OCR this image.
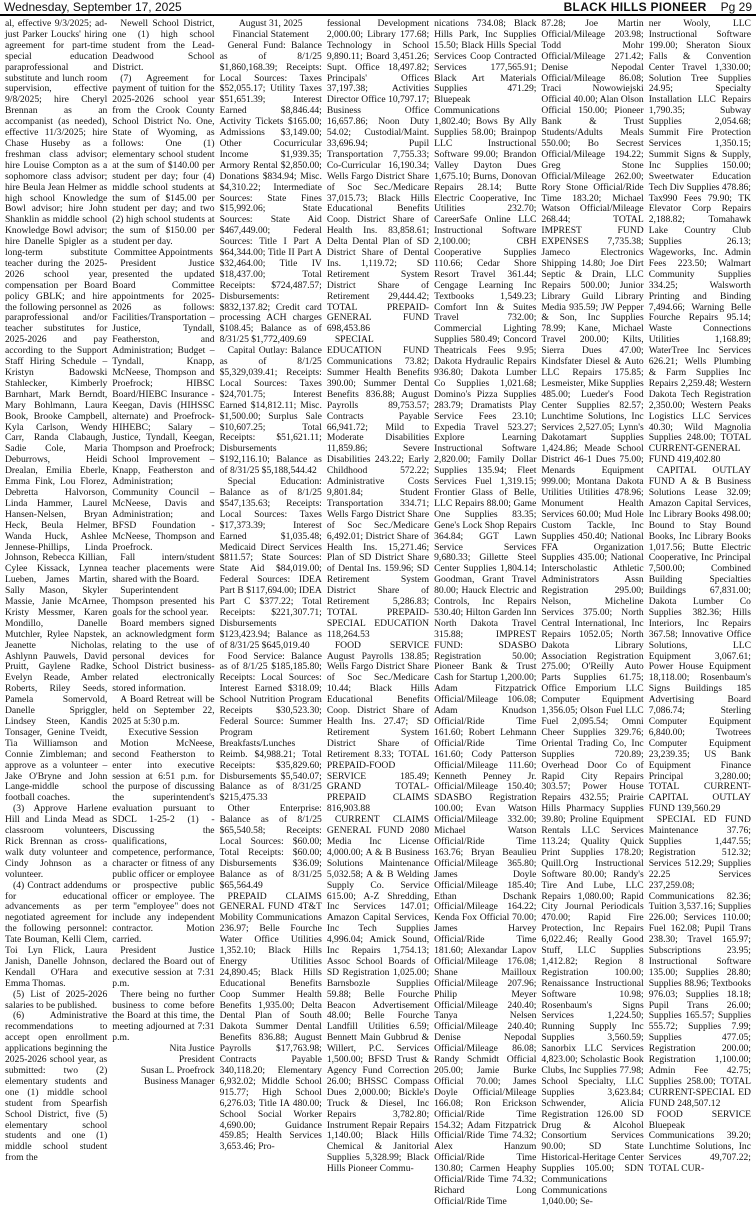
Wednesday, September 17, 2025	BLACK HILLS PIONEER Pg 29

al, effective 9/3/2025; ad-just Parker Loucks' hiring agreement for part-time special education paraprofessional and substitute and lunch room supervision, effective 9/8/2025; hire Cheryl Brennan as an accompanist (as needed), effective 11/3/2025; hire Chase Huseby as a freshman class advisor; hire Louise Compton as a sophomore class advisor; hire Beula Jean Helmer as high school Knowledge Bowl advisor; hire John Shanklin as middle school Knowledge Bowl advisor; hire Danelle Spigler as a long-term substitute teacher during the 2025-2026 school year, compensation per Board policy GBLK; and hire the following personnel as paraprofessional and/or teacher substitutes for 2025-2026 and pay according to the Support Staff Hiring Schedule – Kristyn Badowski Stahlecker, Kimberly Barnhart, Mark Berndt, Mary Bohlmann, Laura Book, Brooke Campbell, Kyla Carlson, Wendy Carr, Randa Clabaugh, Sadie Cole, Maria Deburrows, Heidi Drealan, Emilia Eberle, Emma Fink, Lou Florez, Debretta Halvorson, Linda Hammer, Laurel Hansen-Nelsen, Bryan Heck, Beula Helmer, Wanda Huck, Ashlee Jennese-Phillips, Linda Johnson, Rebecca Killian, Cylee Kissack, Lynnea Lueben, James Martin, Sally Mason, Skyler Massie, Janie McArnee, Kristy Messmer, Karen Mondillo, Danelle Mutchler, Rylee Napstek, Jeanette Nicholas, Ashlynn Pauwels, David Pruitt, Gaylene Radke, Evelyn Reade, Amber Roberts, Riley Seeds, Pamela Somervold, Danelle Spriggler, Lindsey Steen, Kandis Tonsager, Genine Tveidt, Tia Williamson and Connie Zimbleman; and approve as a volunteer – Jake O'Bryne and John Lange-middle school football coaches.

(3) Approve Harlene Hill and Linda Mead as classroom volunteers, Rick Brennan as cross-walk duty volunteer and Cindy Johnson as a volunteer.

(4) Contract addendums for educational advancements as per negotiated agreement for the following personnel: Tate Bouman, Kelli Clem, Toi Lyn Flick, Laura Janish, Danelle Johnson, Kendall O'Hara and Emma Thomas.

(5) List of 2025-2026 salaries to be published.

(6) Administrative recommendations to accept open enrollment applications beginning the 2025-2026 school year, as submitted: two (2) elementary students and one (1) middle school student from Spearfish School District, five (5) elementary school students and one (1) middle school student from the

Newell School District, one (1) high school student from the Lead-Deadwood School District.

(7) Agreement for payment of tuition for the 2025-2026 school year from the Crook County School District No. One, State of Wyoming, as follows: One (1) elementary school student at the sum of $140.00 per student per day; four (4) middle school students at the sum of $145.00 per student per day; and two (2) high school students at the sum of $150.00 per student per day.

Committee Appointments

President Justice presented the updated Board Committee appointments for 2025-2026 as follows: Facilities/Transportation – Justice, Tyndall, Featherston, and Administration; Budget – Tyndall, Knapp, McNeese, Thompson and Proefrock; HIBSC Board/HIEBC Insurance - Keegan, Davis (HIHSSC alternate) and Proefrock-HIHEBC; Salary – Justice, Tyndall, Keegan, Thompson and Proefrock; School Improvement – Knapp, Featherston and Administration; Community Council – McNeese, Davis and Administration; and BFSD Foundation - McNeese, Thompson and Proefrock.

Fall intern/student teacher placements were shared with the Board.

Superintendent Thompson presented his goals for the school year.

Board members signed an acknowledgment form relating to the use of personal devices for School District business-related electronically stored information.

A Board Retreat will be held on September 22, 2025 at 5:30 p.m.

Executive Session

Motion McNeese, second Featherston to enter into executive session at 6:51 p.m. for the purpose of discussing the superintendent's evaluation pursuant to SDCL 1-25-2 (1) - Discussing the qualifications, competence, performance, character or fitness of any public officer or employee or prospective public officer or employee. The term "employee" does not include any independent contractor. Motion carried.

President Justice declared the Board out of executive session at 7:31 p.m.

There being no further business to come before the Board at this time, the meeting adjourned at 7:31 p.m.

Nita Justice

President

Susan L. Proefrock

Business Manager

August 31, 2025

Financial Statement

General Fund: Balance as of 8/1/25 $1,860,168.39; Receipts: Local Sources: Taxes $52,055.17; Utility Taxes $51,651.39; Interest Earned $8,846.44; Activity Tickets $165.00; Admissions $3,149.00; Other Cocurricular Income $1,939.35; Armory Rental $2,850.00; Donations $834.94; Misc. $4,310.22; Intermediate Sources: State Fines $15,992.06; State Sources: State Aid $467,449.00; Federal Sources: Title I Part A $64,344.00; Title II Part A $32,464.00; Title IV $18,437.00; Total Receipts: $724,487.57; Disbursements: $832,137.82; Credit card processing ACH charges $108.45; Balance as of 8/31/25 $1,772,409.69

Capital Outlay: Balance as of 8/1/25 $5,329,039.41; Receipts: Local Sources: Taxes $24,701.75; Interest Earned $14,812.11; Misc. $1,500.00; Surplus Sale $10,607.25; Total Receipts: $51,621.11; Disbursements $192,116.10; Balance as of 8/31/25 $5,188,544.42

Special Education: Balance as of 8/1/25 $547,135.63; Receipts: Local Sources: Taxes $17,373.39; Interest Earned $1,035.48; Medicaid Direct Services $811.57; State Sources: State Aid $84,019.00; Federal Sources: IDEA Part B $117,694.00; IDEA Part C $377.22; Total Receipts: $221,307.71; Disbursements $123,423.94; Balance as of 8/31/25 $645,019.40

Food Service: Balance as of 8/1/25 $185,185.80; Receipts: Local Sources: Interest Earned $318.09; School Nutrition Program Receipts $30,523.30; Federal Source: Summer Program Breakfasts/Lunches Reimb. $4,988.21; Total Receipts: $35,829.60; Disbursements $5,540.07; Balance as of 8/31/25 $215,475.33

Other Enterprise: Balance as of 8/1/25 $65,540.58; Receipts: Local Sources: $60.00; Total Receipts: $60.00; Disbursements $36.09; Balance as of 8/31/25 $65,564.49

PREPAID CLAIMS GENERAL FUND 4T&T Mobility Communications 236.97; Belle Fourche Water Office Utilities 1,352.10; Black Hills Energy Utilities 24,890.45; Black Hills Educational Benefits Coop Summer Health Benefits 1,935.00; Delta Dental Plan of South Dakota Summer Dental Benefits 836.88; August Payrolls $17,763.98; Contracts Payable 340,118.20; Elementary 6,932.02; Middle School 915.77; High School 6,276.03; Title IA 480.00; School Social Worker 4,690.00; Guidance 459.85; Health Services 3,653.46; Pro-

fessional Development 2,000.00; Library 177.68; Technology in School 9,890.11; Board 3,451.26; Supt. Office 18,497.82; Principals' Offices 37,197.38; Activities Director Office 10,797.17; Business Office 16,657.86; Noon Duty 54.02; Custodial/Maint. 33,696.94; Pupil Transportation 7,755.33; Co-Curricular 16,190.34; Wells Fargo District Share of Soc Sec./Medicare 37,015.73; Black Hills Educational Benefits Coop. District Share of Health Ins. 83,858.61; Delta Dental Plan of SD District Share of Dental Ins. 1,119.72; SD Retirement System District Share of Retirement 29,444.42; TOTAL PREPAID-GENERAL FUND 698,453.86

SPECIAL EDUCATION FUND Communications 73.82; Summer Health Benefits 390.00; Summer Dental Benefits 836.88; August Payrolls 89,753.57; Contracts Payable 66,941.72; Mild to Moderate Disabilities 11,859.86; Severe Disabilities 243.22; Early Childhood 572.22; Administrative Costs 9,801.84; Student Transportation 334.71; Wells Fargo District Share of Soc Sec./Medicare 6,492.01; District Share of Health Ins. 15,271.46; Plan of SD District Share of Dental Ins. 159.96; SD Retirement System District Share of Retirement 5,286.83; TOTAL PREPAID-SPECIAL EDUCATION 118,264.53

FOOD SERVICE August Payrolls 138.85; Wells Fargo District Share of Soc Sec./Medicare 10.44; Black Hills Educational Benefits Coop. District Share of Health Ins. 27.47; SD Retirement System District Share of Retirement 8.33; TOTAL PREPAID-FOOD SERVICE 185.49; GRAND TOTAL-PREPAID CLAIMS 816,903.88

CURRENT CLAIMS GENERAL FUND 2080 Media Inc License 4,000.00; A & B Business Solutions Maintenance 5,032.58; A & B Welding Supply Co. Service 615.00; A-Z Shredding, Inc Services 147.01; Amazon Capital Services, Inc Tech Supplies 4,996.04; Amick Sound, Inc Repairs 1,754.13; Assoc School Boards of SD Registration 1,025.00; Barnsbozle Supplies 59.88; Belle Fourche Beacon Advertisement 48.00; Belle Fourche Landfill Utilities 6.59; Bennett Main Gubbrud & Willert, P.C. Services 1,500.00; BFSD Trust & Agency Fund Correction 26.00; BHSSC Compass Dues 2,000.00; Bickle's Truck & Diesel, Inc Repairs 3,782.80; Instrument Repair Repairs 1,140.00; Black Hills Chemical & Janitorial Supplies 5,328.99; Black Hills Pioneer Commu-

nications 734.08; Black Hills Park, Inc Supplies 15.50; Black Hills Special Services Coop Contracted Services 177,565.91; Black Art Materials Supplies 471.29; Bluepeak Communications 1,802.40; Bows By Ally Supplies 58.00; Brainpop LLC Instructional Software 99.00; Brandon Valley Dayton Dues 1,675.10; Burns, Donovan Repairs 28.14; Butte Electric Cooperative, Inc Utilities 232.70; CareerSafe Online LLC Instructional Software 2,100.00; CBH Cooperative Supplies 110.66; Cedar Shore Resort Travel 361.44; Cengage Learning Inc Textbooks 1,549.23; Comfort Inn & Suites Travel 732.00; Commercial Lighting Supplies 580.49; Concord Theatricals Fees 9.95; Dakota Hydraulic Repairs 936.80; Dakota Lumber Co Supplies 1,021.68; Domino's Pizza Supplies 283.79; Dramatists Play Service Fees 23.10; Expedia Travel 523.27; Explore Learning Instructional Software 2,820.00; Family Dollar Supplies 135.94; Fleet Services Fuel 1,319.15; Frontier Glass of Belle, LLC Repairs 88.00; Game One Supplies 83.35; Gene's Lock Shop Repairs 364.84; GGT Lawn Service Services 9,680.33; Gillette Steel Center Supplies 1,804.14; Goodman, Grant Travel 80.00; Hauck Electric and Controls, Inc Repairs 530.40; Hilton Garden Inn North Dakota Travel 315.88; IMPREST FUND: SDASBO Registration 50.00; Pioneer Bank & Trust Cash for Startup 1,200.00; Adam Fitzpatrick Official/Mileage 106.08; Adam Knudson Official/Ride Time 161.60; Robert Lehmann Official/Ride Time 161.60; Cody Patterson Official/Mileage 111.60; Kenneth Penney Jr. Official/Mileage 150.40; SDASBO Registration 100.00; Evan Watson Official/Mileage 332.00; Michael Watson Official/Ride Time 163.76; Bryan Beaulieu Official/Mileage 365.80; James Doyle Official/Mileage 185.40; Ethan Dschank Official/Mileage 164.22; Kenda Fox Official 70.00; James Harvey Official/Ride Time 181.60; Alexandar Lapov Official/Mileage 176.08; Shane Mailloux Official/Mileage 207.96; Philip Meyer Official/Mileage 240.40; Tanya Nelsen Official/Mileage 240.40; Denise Nepodal Official/Mileage 86.08; Randy Schmidt Official 205.00; Jamie Burke Official 70.00; James Doyle Official/Mileage 166.08; Ron Erickson Official/Ride Time 154.32; Adam Fitzpatrick Official/Ride Time 74.32; Alex Hanzum Official/Ride Time 130.80; Carmen Heaphy Official/Ride Time 74.32; Richard Long Official/Ride Time

87.28; Joe Martin Official/Mileage 203.98; Todd Mohr Official/Mileage 271.42; Denise Nepodal Official/Mileage 86.08; Traci Nowowiejski Official 40.00; Alan Olson Official 150.00; Pioneer Bank & Trust Students/Adults Meals 550.00; Bo Secrest Official/Mileage 194.22; Greg Stone Official/Mileage 262.00; Rory Stone Official/Ride Time 183.20; Michael Watson Official/Mileage 268.44; TOTAL IMPREST FUND EXPENSES 7,735.38; Jameco Electronics Shipping 14.80; Joe Dirt Septic & Drain, LLC Repairs 500.00; Junior Library Guild Library Media 935.59; JW Pepper & Son, Inc Supplies 78.99; Kane, Michael Travel 200.00; Kilts, Sierra Dues 47.00; Kindsfater Diesel & Auto LLC Repairs 175.85; Lesmeister, Mike Supplies 485.00; Lueder's Food Center Supplies 82.57; Lunchtime Solutions, Inc Services 2,527.05; Lynn's Dakotamart Supplies 1,424.86; Meade School District 46-1 Dues 75.00; Menards Equipment 999.00; Montana Dakota Utilities Utilities 478.96; Monument Health Services 60.00; Mud Hole Custom Tackle, Inc Supplies 450.40; National FFA Organization Supplies 435.00; National Interscholastic Athletic Administrators Assn Registration 295.00; Nelson, Micheline Services 375.00; North Central International, Inc Repairs 1052.05; North Dakota Library Association Registration 275.00; O'Reilly Auto Parts Supplies 61.75; Office Emporium LLC Computer Equipment 1,356.05; Olson Fuel LLC Fuel 2,095.54; Omni Cheer Supplies 329.76; Oriental Trading Co, Inc Supplies 720.89; Overhead Door Co of Rapid City Repairs 303.57; Power House Repairs 432.55; Prairie Hills Pharmacy Supplies 39.80; Proline Equipment Rentals LLC Services 113.24; Quality Quick Print Supplies 178.20; Quill.Org Instructional Software 80.00; Randy's Tire And Lube, LLC Repairs 1,080.00; Rapid City Journal Periodicals 470.00; Rapid Fire Protection, Inc Repairs 6,022.46; Really Good Stuff, LLC Supplies 1,412.82; Region 8 Registration 100.00; Renaissance Instructional Software 10.98; Rosenbaum's Signs Services 1,224.50; Running Supply Inc Supplies 3,560.59; Sanorbix LLC Services 4,823.00; Scholastic Book Clubs, Inc Supplies 77.98; School Specialty, LLC Supplies 3,623.84; Schwender, Alicia Registration 126.00 SD Drug & Alcohol Consortium Services 90.00; SD State Historical-Heritage Center Supplies 105.00; SDN Communications Communications 1,040.00; Se-

ner Wooly, LLC Instructional Software 199.00; Sheraton Sioux Falls & Convention Center Travel 1,330.00; Solution Tree Supplies 24.95; Specialty Installation LLC Repairs 1,790.35; Subway Supplies 2,054.68; Summit Fire Protection Services 1,350.15; Summit Signs & Supply, Inc Supplies 150.00; Sweetwater Education Tech Div Supplies 478.86; Tax990 Fees 79.90; TK Elevator Corp Repairs 2,188.82; Tomahawk Lake Country Club Supplies 26.13; Wageworks, Inc. Admin Fees 223.50; Walmart Community Supplies 334.25; Walsworth Printing and Binding 7,494.66; Warning Belle Fourche Repairs 95.14; Waste Connections Utilities 1,168.89; WaterTree Inc Services 626.21; Wells Plumbing & Farm Supplies Inc Repairs 2,259.48; Western Dakota Tech Registration 2,350.00; Western Peaks Logistics LLC Services 40.30; Wild Magnolia Supplies 248.00; TOTAL CURRENT-GENERAL FUND 419,402.80

CAPITAL OUTLAY FUND A & B Business Solutions Lease 32.09; Amazon Capital Services, Inc Library Books 498.00; Bound to Stay Bound Books, Inc Library Books 1,017.56; Butte Electric Cooperative, Inc Principal 7,500.00; Combined Building Specialties Buildings 67,831.00; Dakota Lumber Co Supplies 382.36; Hills Interiors, Inc Repairs 367.58; Innovative Office Solutions, LLC Equipment 3,067.61; Power House Equipment 18,118.00; Rosenbaum's Signs Buildings 185 Advertising Board 7,086.74; Sterling Computer Equipment 6,840.00; Twotrees Computer Equipment 23,239.35; US Bank Equipment Finance Principal 3,280.00; TOTAL CURRENT-CAPITAL OUTLAY FUND 139,560.29

SPECIAL ED FUND Maintenance 37.76; Supplies 1,447.55; Registration 512.32; Services 512.29; Supplies 22.25 Services 237,259.08; Communications 82.36; Tuition 3,537.16; Supplies 226.00; Services 110.00; Fuel 162.08; Pupil Trans 238.30; Travel 165.97; Subscriptions 23.95; Instructional Software 135.00; Supplies 28.80; Supplies 88.96; Textbooks 976.03; Supplies 18.18; Pupil Trans 26.00; Supplies 165.57; Supplies 555.72; Supplies 7.99; Supplies 477.05; Registration 200.00; Registration 1,100.00; Admin Fee 42.75; Supplies 258.00; TOTAL CURRENT-SPECIAL ED FUND 248,507.12

FOOD SERVICE Bluepeak Communications 39.20; Lunchtime Solutions, Inc Services 49,707.22; TOTAL CUR-
